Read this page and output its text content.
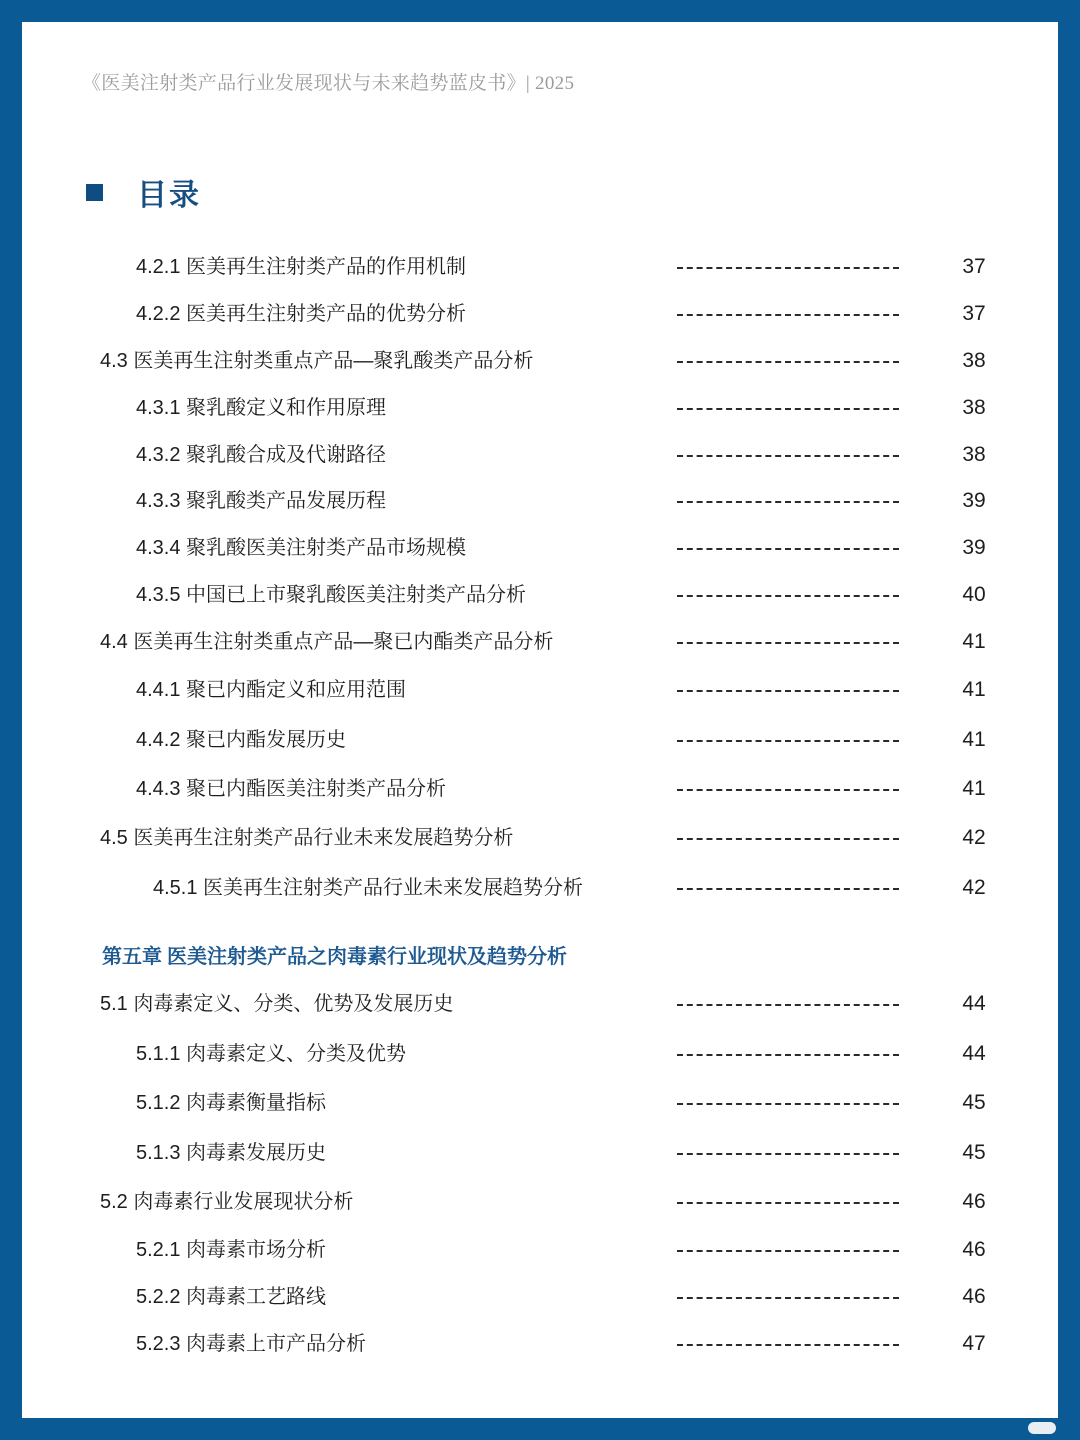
《医美注射类产品行业发展现状与未来趋势蓝皮书》| 2025
目录
4.2.1 医美再生注射类产品的作用机制	37
4.2.2 医美再生注射类产品的优势分析	37
4.3 医美再生注射类重点产品—聚乳酸类产品分析	38
4.3.1 聚乳酸定义和作用原理	38
4.3.2 聚乳酸合成及代谢路径	38
4.3.3 聚乳酸类产品发展历程	39
4.3.4 聚乳酸医美注射类产品市场规模	39
4.3.5 中国已上市聚乳酸医美注射类产品分析	40
4.4 医美再生注射类重点产品—聚已内酯类产品分析	41
4.4.1 聚已内酯定义和应用范围	41
4.4.2 聚已内酯发展历史	41
4.4.3 聚已内酯医美注射类产品分析	41
4.5 医美再生注射类产品行业未来发展趋势分析	42
4.5.1 医美再生注射类产品行业未来发展趋势分析	42
第五章 医美注射类产品之肉毒素行业现状及趋势分析
5.1 肉毒素定义、分类、优势及发展历史	44
5.1.1 肉毒素定义、分类及优势	44
5.1.2 肉毒素衡量指标	45
5.1.3 肉毒素发展历史	45
5.2 肉毒素行业发展现状分析	46
5.2.1 肉毒素市场分析	46
5.2.2 肉毒素工艺路线	46
5.2.3 肉毒素上市产品分析	47
